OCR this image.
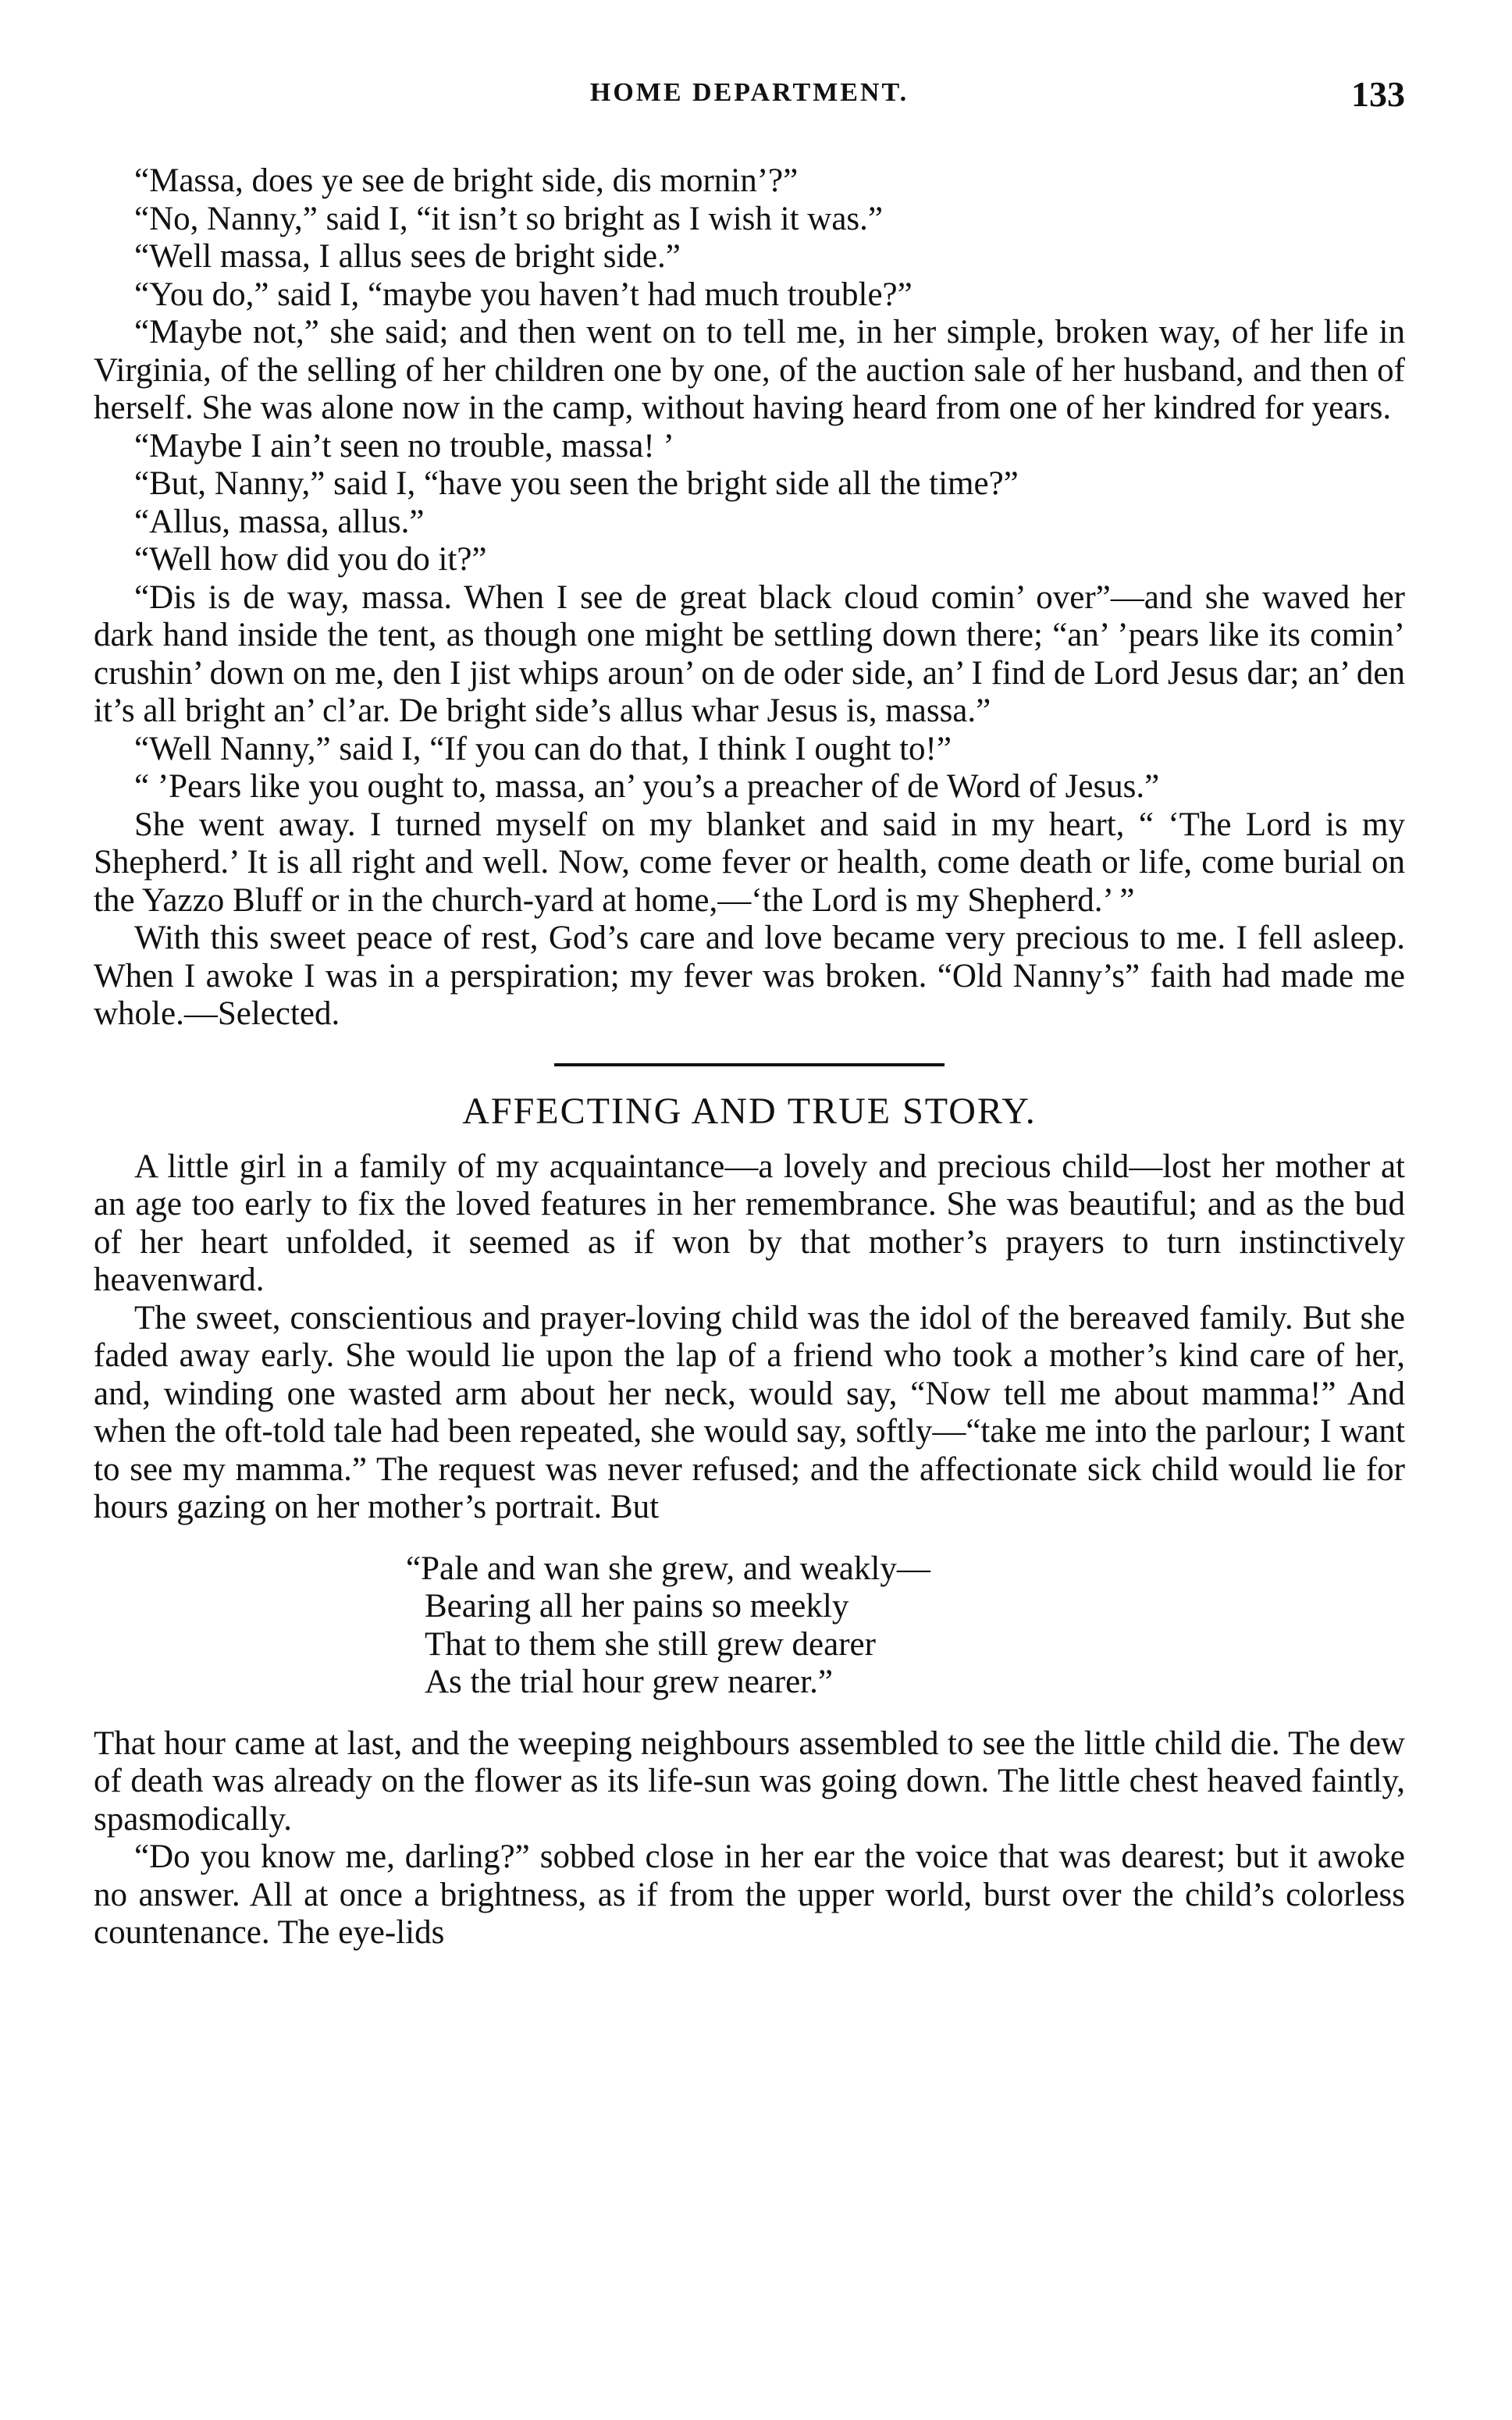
HOME DEPARTMENT.	133

“Massa, does ye see de bright side, dis mornin’?”

“No, Nanny,” said I, “it isn’t so bright as I wish it was.”

“Well massa, I allus sees de bright side.”

“You do,” said I, “maybe you haven’t had much trouble?”

“Maybe not,” she said; and then went on to tell me, in her simple, broken way, of her life in Virginia, of the selling of her children one by one, of the auction sale of her husband, and then of herself. She was alone now in the camp, without having heard from one of her kindred for years.

“Maybe I ain’t seen no trouble, massa! ’

“But, Nanny,” said I, “have you seen the bright side all the time?”

“Allus, massa, allus.”

“Well how did you do it?”

“Dis is de way, massa. When I see de great black cloud comin’ over”—and she waved her dark hand inside the tent, as though one might be settling down there; “an’ ’pears like its comin’ crushin’ down on me, den I jist whips aroun’ on de oder side, an’ I find de Lord Jesus dar; an’ den it’s all bright an’ cl’ar. De bright side’s allus whar Jesus is, massa.”

“Well Nanny,” said I, “If you can do that, I think I ought to!”

“ ’Pears like you ought to, massa, an’ you’s a preacher of de Word of Jesus.”

She went away. I turned myself on my blanket and said in my heart, “ ‘The Lord is my Shepherd.’ It is all right and well. Now, come fever or health, come death or life, come burial on the Yazzo Bluff or in the church-yard at home,—‘the Lord is my Shepherd.’ ”

With this sweet peace of rest, God’s care and love became very precious to me. I fell asleep. When I awoke I was in a perspiration; my fever was broken. “Old Nanny’s” faith had made me whole.—Selected.

AFFECTING AND TRUE STORY.

A little girl in a family of my acquaintance—a lovely and precious child—lost her mother at an age too early to fix the loved features in her remembrance. She was beautiful; and as the bud of her heart unfolded, it seemed as if won by that mother’s prayers to turn instinctively heavenward.

The sweet, conscientious and prayer-loving child was the idol of the bereaved family. But she faded away early. She would lie upon the lap of a friend who took a mother’s kind care of her, and, winding one wasted arm about her neck, would say, “Now tell me about mamma!” And when the oft-told tale had been repeated, she would say, softly—“take me into the parlour; I want to see my mamma.” The request was never refused; and the affectionate sick child would lie for hours gazing on her mother’s portrait. But

“Pale and wan she grew, and weakly—
Bearing all her pains so meekly
That to them she still grew dearer
As the trial hour grew nearer.”

That hour came at last, and the weeping neighbours assembled to see the little child die. The dew of death was already on the flower as its life-sun was going down. The little chest heaved faintly, spasmodically.

“Do you know me, darling?” sobbed close in her ear the voice that was dearest; but it awoke no answer. All at once a brightness, as if from the upper world, burst over the child’s colorless countenance. The eye-lids
